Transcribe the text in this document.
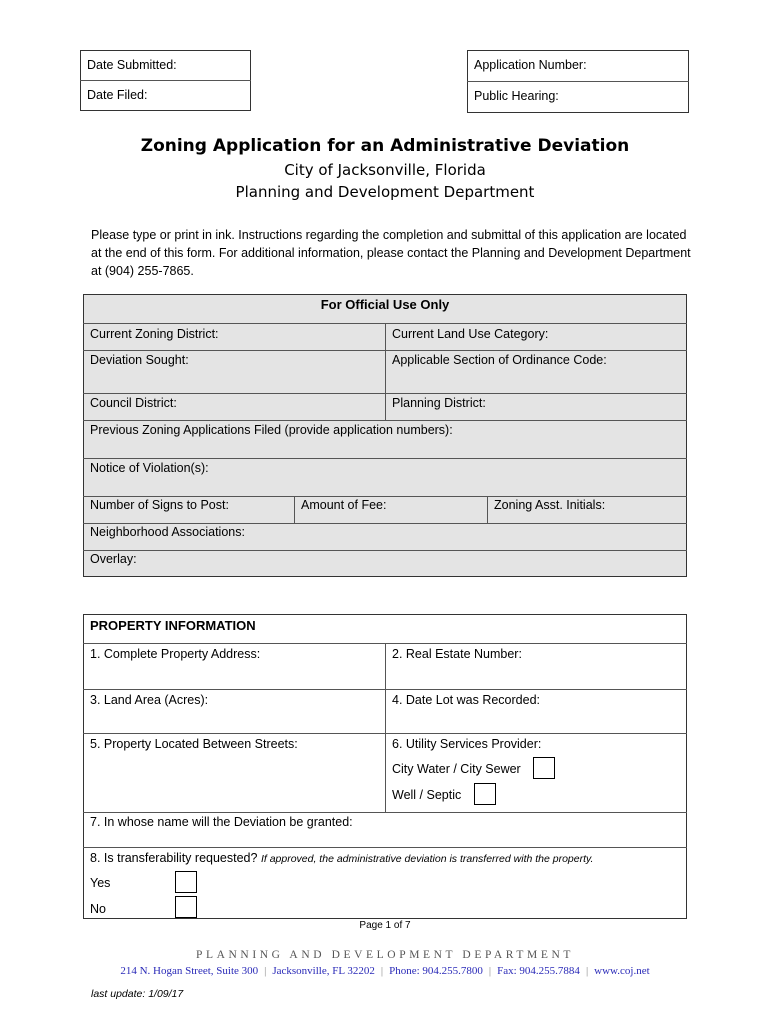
Date Submitted:
Date Filed:
Application Number:
Public Hearing:
Zoning Application for an Administrative Deviation
City of Jacksonville, Florida
Planning and Development Department
Please type or print in ink. Instructions regarding the completion and submittal of this application are located at the end of this form. For additional information, please contact the Planning and Development Department at (904) 255-7865.
For Official Use Only
Current Zoning District:	Current Land Use Category:
Deviation Sought:	Applicable Section of Ordinance Code:
Council District:	Planning District:
Previous Zoning Applications Filed (provide application numbers):
Notice of Violation(s):
Number of Signs to Post:	Amount of Fee:	Zoning Asst. Initials:
Neighborhood Associations:
Overlay:
PROPERTY INFORMATION
1. Complete Property Address:	2. Real Estate Number:
3. Land Area (Acres):	4. Date Lot was Recorded:
5. Property Located Between Streets:	6. Utility Services Provider:
City Water / City Sewer
Well / Septic
7. In whose name will the Deviation be granted:
8. Is transferability requested? If approved, the administrative deviation is transferred with the property.
Yes
No
Page 1 of 7
PLANNING AND DEVELOPMENT DEPARTMENT
214 N. Hogan Street, Suite 300 | Jacksonville, FL 32202 | Phone: 904.255.7800 | Fax: 904.255.7884 | www.coj.net
last update: 1/09/17
